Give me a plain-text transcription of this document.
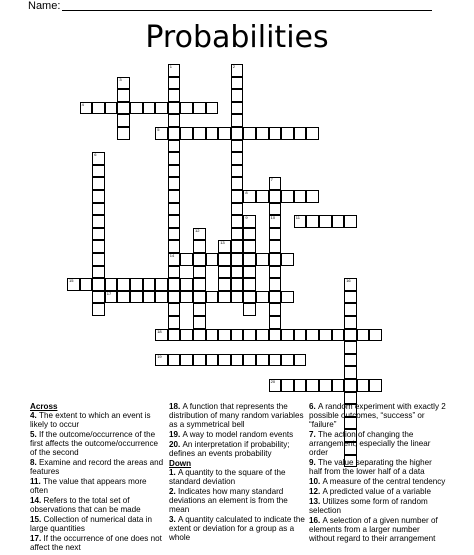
Name:
Probabilities
1
14
2
3
4
5
6
7
10
8
9	11
12
13
15	16
17
18
19
20
Across
4. The extent to which an event is likely to occur
5. If the outcome/occurrence of the first affects the outcome/occurrence of the second
8. Examine and record the areas and features
11. The value that appears more often
14. Refers to the total set of observations that can be made
15. Collection of numerical data in large quantities
17. If the occurrence of one does not affect the next
18. A function that represents the distribution of many random variables as a symmetrical bell
19. A way to model random events
20. An interpretation if probability; defines an events probability
Down
1. A quantity to the square of the standard deviation
2. Indicates how many standard deviations an element is from the mean
3. A quantity calculated to indicate the extent or deviation for a group as a whole
6. A random experiment with exactly 2 possible outcomes, “success” or “failure”
7. The action of changing the arrangement, especially the linear order
9. The value separating the higher half from the lower half of a data
10. A measure of the central tendency
12. A predicted value of a variable
13. Utilizes some form of random selection
16. A selection of a given number of elements from a larger number without regard to their arrangement
